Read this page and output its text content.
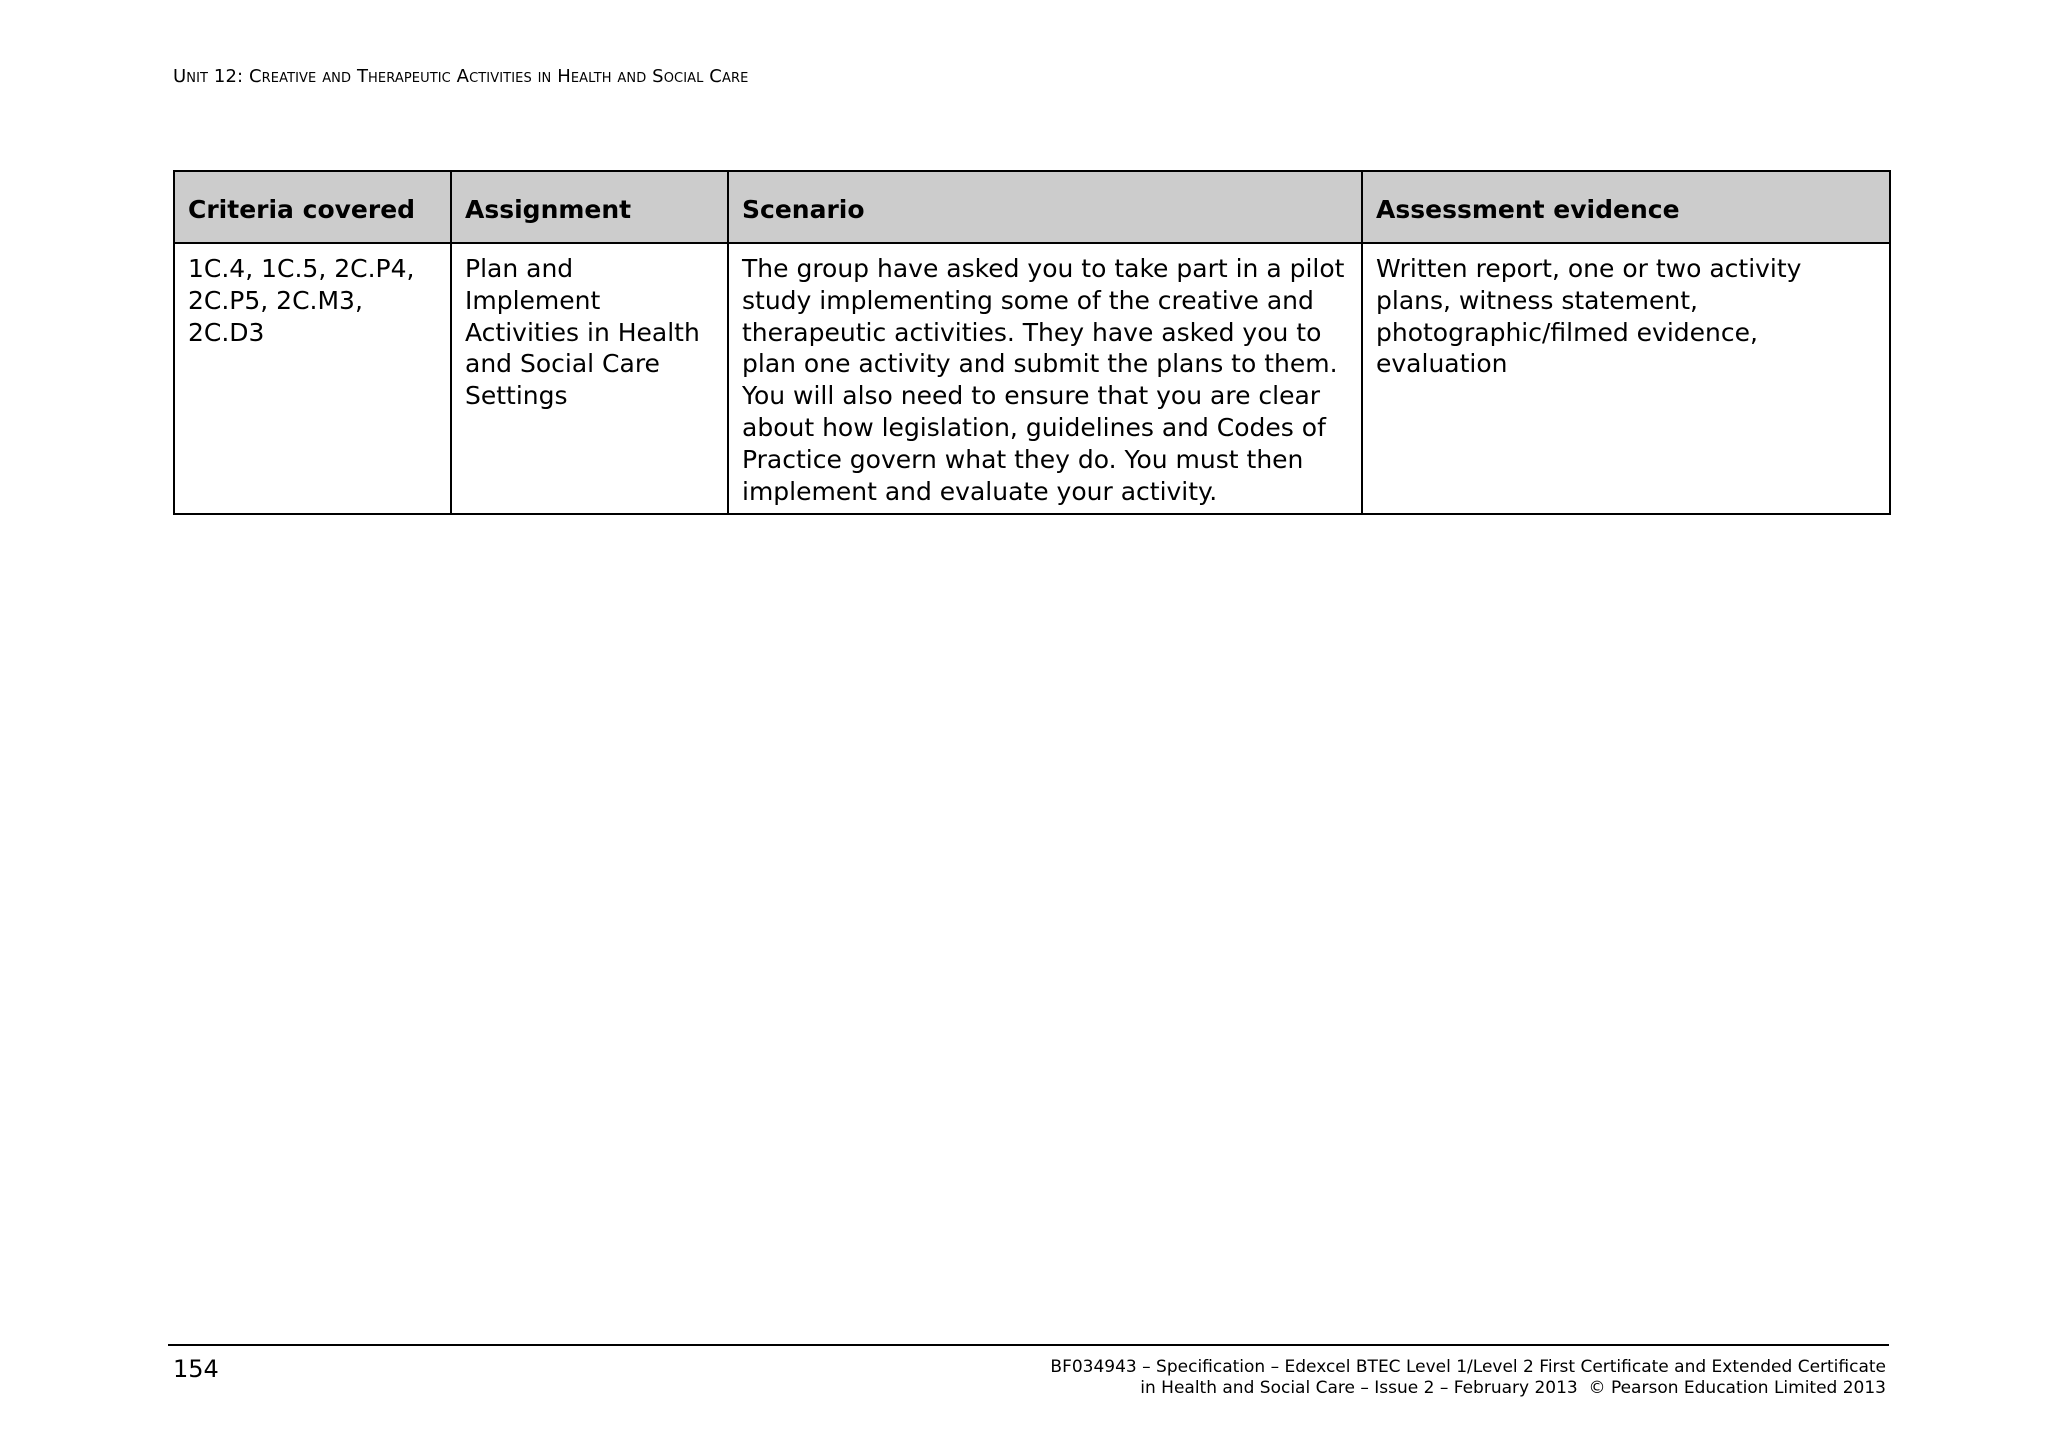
Unit 12: Creative and Therapeutic Activities in Health and Social Care
Criteria covered	Assignment	Scenario	Assessment evidence
1C.4, 1C.5, 2C.P4, 2C.P5, 2C.M3, 2C.D3	Plan and Implement Activities in Health and Social Care Settings	The group have asked you to take part in a pilot study implementing some of the creative and therapeutic activities. They have asked you to plan one activity and submit the plans to them. You will also need to ensure that you are clear about how legislation, guidelines and Codes of Practice govern what they do. You must then implement and evaluate your activity.	Written report, one or two activity plans, witness statement, photographic/filmed evidence, evaluation
154	BF034943 – Specification – Edexcel BTEC Level 1/Level 2 First Certificate and Extended Certificate
in Health and Social Care – Issue 2 – February 2013  © Pearson Education Limited 2013
